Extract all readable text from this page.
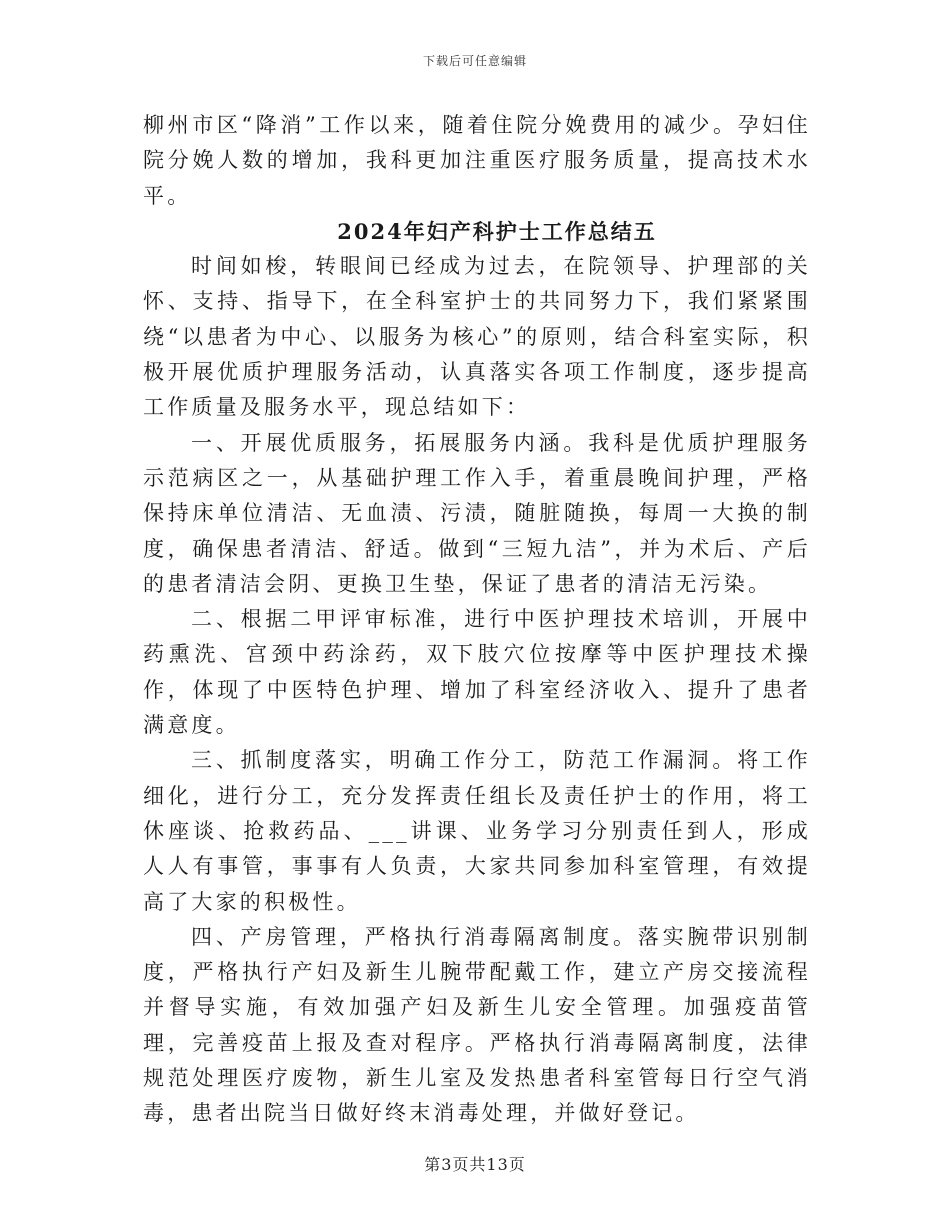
下载后可任意编辑

柳州市区“降消”工作以来，随着住院分娩费用的减少。孕妇住院分娩人数的增加，我科更加注重医疗服务质量，提高技术水平。

2024年妇产科护士工作总结五

时间如梭，转眼间已经成为过去，在院领导、护理部的关怀、支持、指导下，在全科室护士的共同努力下，我们紧紧围绕“以患者为中心、以服务为核心”的原则，结合科室实际，积极开展优质护理服务活动，认真落实各项工作制度，逐步提高工作质量及服务水平，现总结如下：

一、开展优质服务，拓展服务内涵。我科是优质护理服务示范病区之一，从基础护理工作入手，着重晨晚间护理，严格保持床单位清洁、无血渍、污渍，随脏随换，每周一大换的制度，确保患者清洁、舒适。做到“三短九洁”，并为术后、产后的患者清洁会阴、更换卫生垫，保证了患者的清洁无污染。

二、根据二甲评审标准，进行中医护理技术培训，开展中药熏洗、宫颈中药涂药，双下肢穴位按摩等中医护理技术操作，体现了中医特色护理、增加了科室经济收入、提升了患者满意度。

三、抓制度落实，明确工作分工，防范工作漏洞。将工作细化，进行分工，充分发挥责任组长及责任护士的作用，将工休座谈、抢救药品、___讲课、业务学习分别责任到人，形成人人有事管，事事有人负责，大家共同参加科室管理，有效提高了大家的积极性。

四、产房管理，严格执行消毒隔离制度。落实腕带识别制度，严格执行产妇及新生儿腕带配戴工作，建立产房交接流程并督导实施，有效加强产妇及新生儿安全管理。加强疫苗管理，完善疫苗上报及查对程序。严格执行消毒隔离制度，法律规范处理医疗废物，新生儿室及发热患者科室管每日行空气消毒，患者出院当日做好终末消毒处理，并做好登记。

第3页共13页
